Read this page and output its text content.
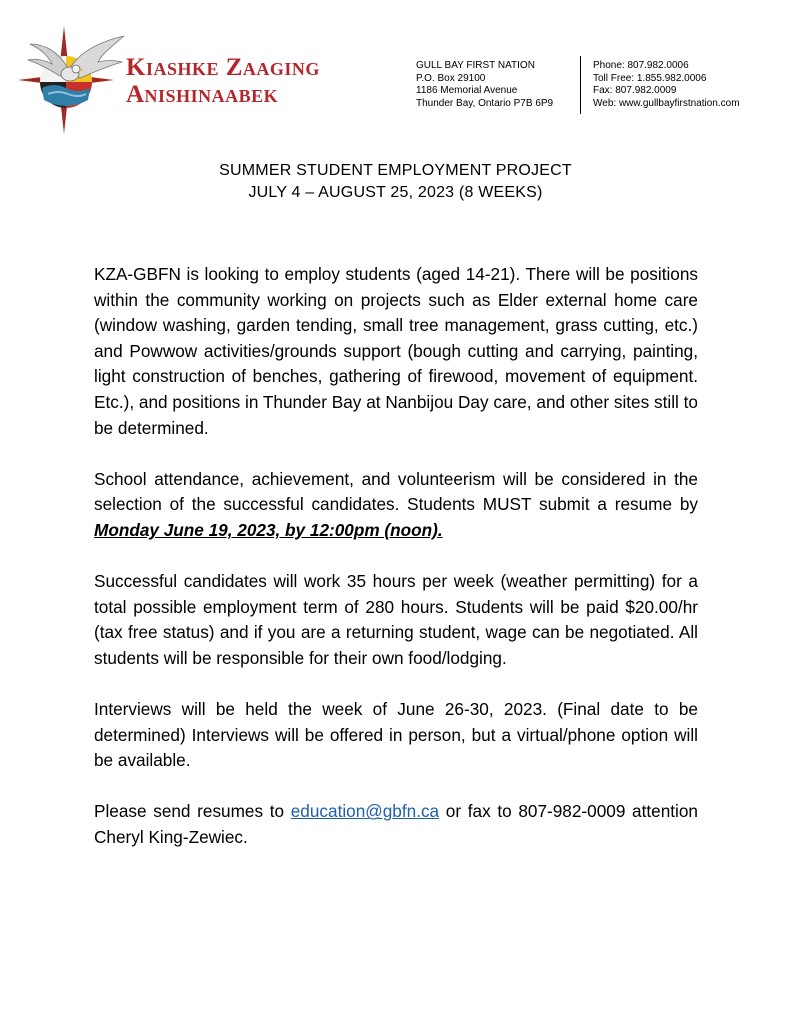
Kiashke Zaaging
Anishinaabek
GULL BAY FIRST NATION
P.O. Box 29100
1186 Memorial Avenue
Thunder Bay, Ontario P7B 6P9
Phone: 807.982.0006
Toll Free: 1.855.982.0006
Fax: 807.982.0009
Web: www.gullbayfirstnation.com
SUMMER STUDENT EMPLOYMENT PROJECT
JULY 4 – AUGUST 25, 2023 (8 WEEKS)

KZA-GBFN is looking to employ students (aged 14-21). There will be positions within the community working on projects such as Elder external home care (window washing, garden tending, small tree management, grass cutting, etc.) and Powwow activities/grounds support (bough cutting and carrying, painting, light construction of benches, gathering of firewood, movement of equipment. Etc.), and positions in Thunder Bay at Nanbijou Day care, and other sites still to be determined.

School attendance, achievement, and volunteerism will be considered in the selection of the successful candidates. Students MUST submit a resume by Monday June 19, 2023, by 12:00pm (noon).

Successful candidates will work 35 hours per week (weather permitting) for a total possible employment term of 280 hours. Students will be paid $20.00/hr (tax free status) and if you are a returning student, wage can be negotiated. All students will be responsible for their own food/lodging.

Interviews will be held the week of June 26-30, 2023. (Final date to be determined) Interviews will be offered in person, but a virtual/phone option will be available.

Please send resumes to education@gbfn.ca or fax to 807-982-0009 attention Cheryl King-Zewiec.
